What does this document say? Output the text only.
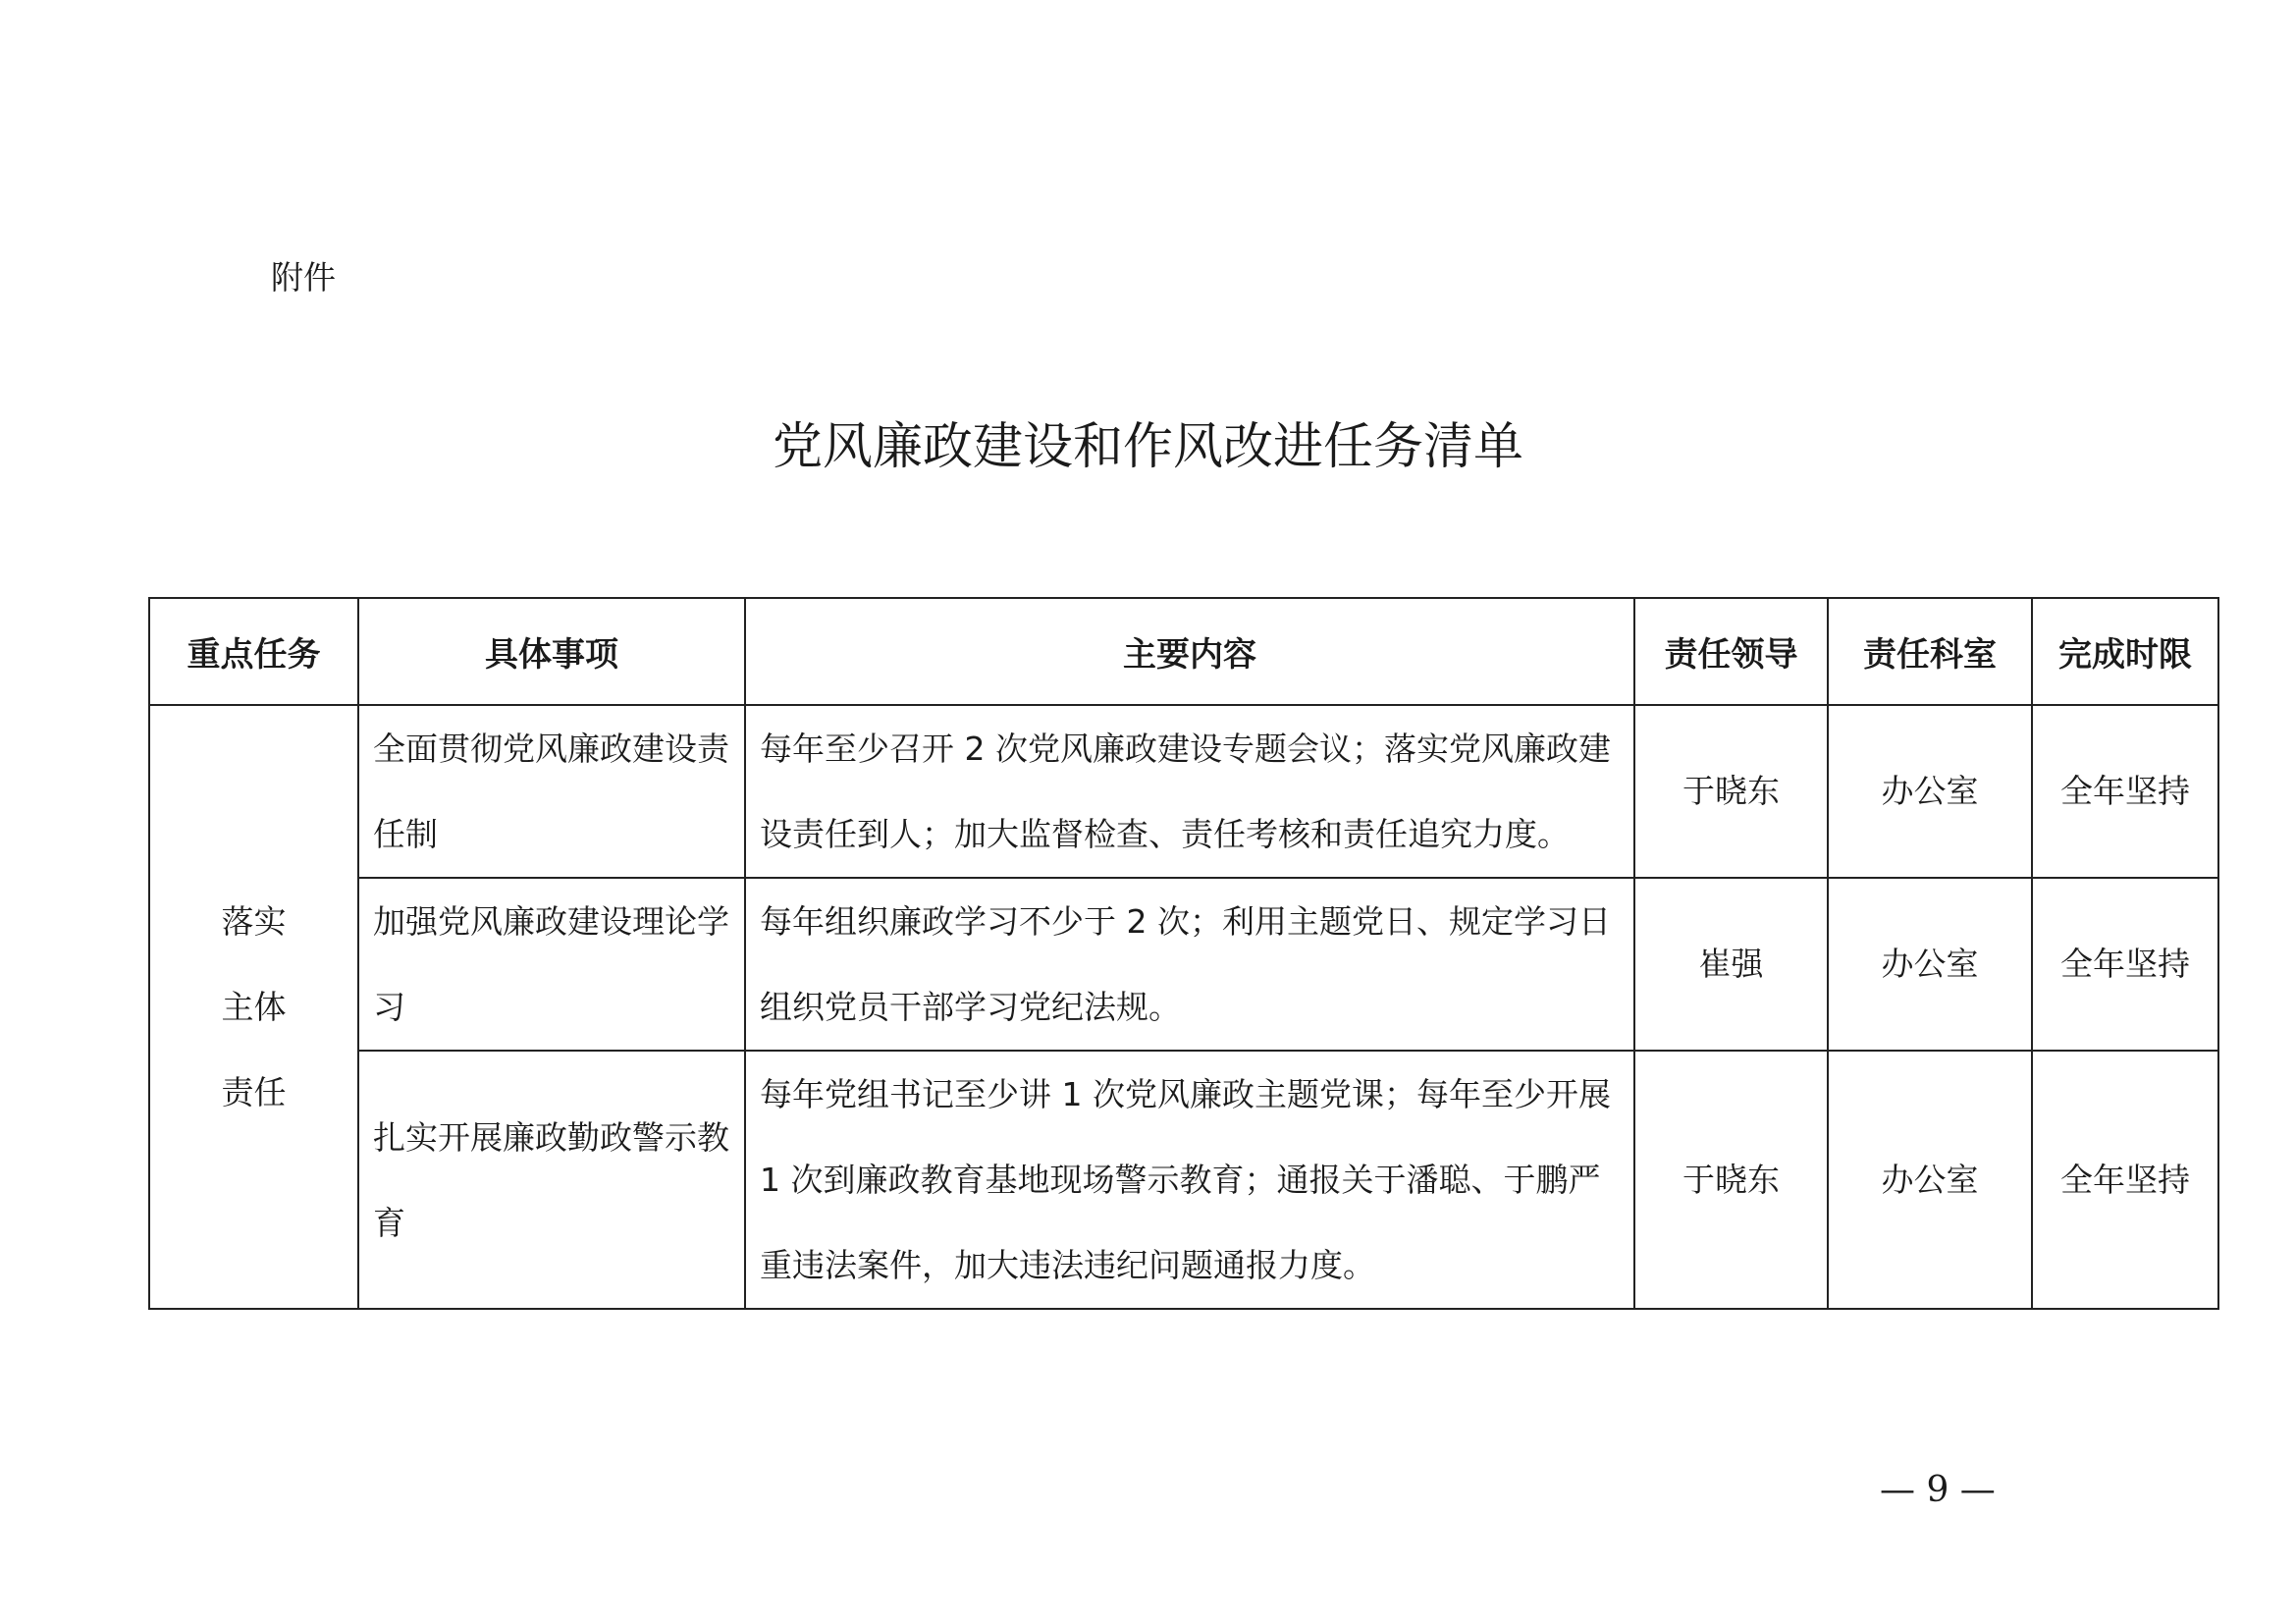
附件
党风廉政建设和作风改进任务清单
重点任务	具体事项	主要内容	责任领导	责任科室	完成时限

落实
主体
责任	全面贯彻党风廉政建设责任制	每年至少召开 2 次党风廉政建设专题会议；落实党风廉政建设责任到人；加大监督检查、责任考核和责任追究力度。	于晓东	办公室	全年坚持

	加强党风廉政建设理论学习	每年组织廉政学习不少于 2 次；利用主题党日、规定学习日组织党员干部学习党纪法规。	崔强	办公室	全年坚持

	扎实开展廉政勤政警示教育	每年党组书记至少讲 1 次党风廉政主题党课；每年至少开展 1 次到廉政教育基地现场警示教育；通报关于潘聪、于鹏严重违法案件，加大违法违纪问题通报力度。	于晓东	办公室	全年坚持
— 9 —
